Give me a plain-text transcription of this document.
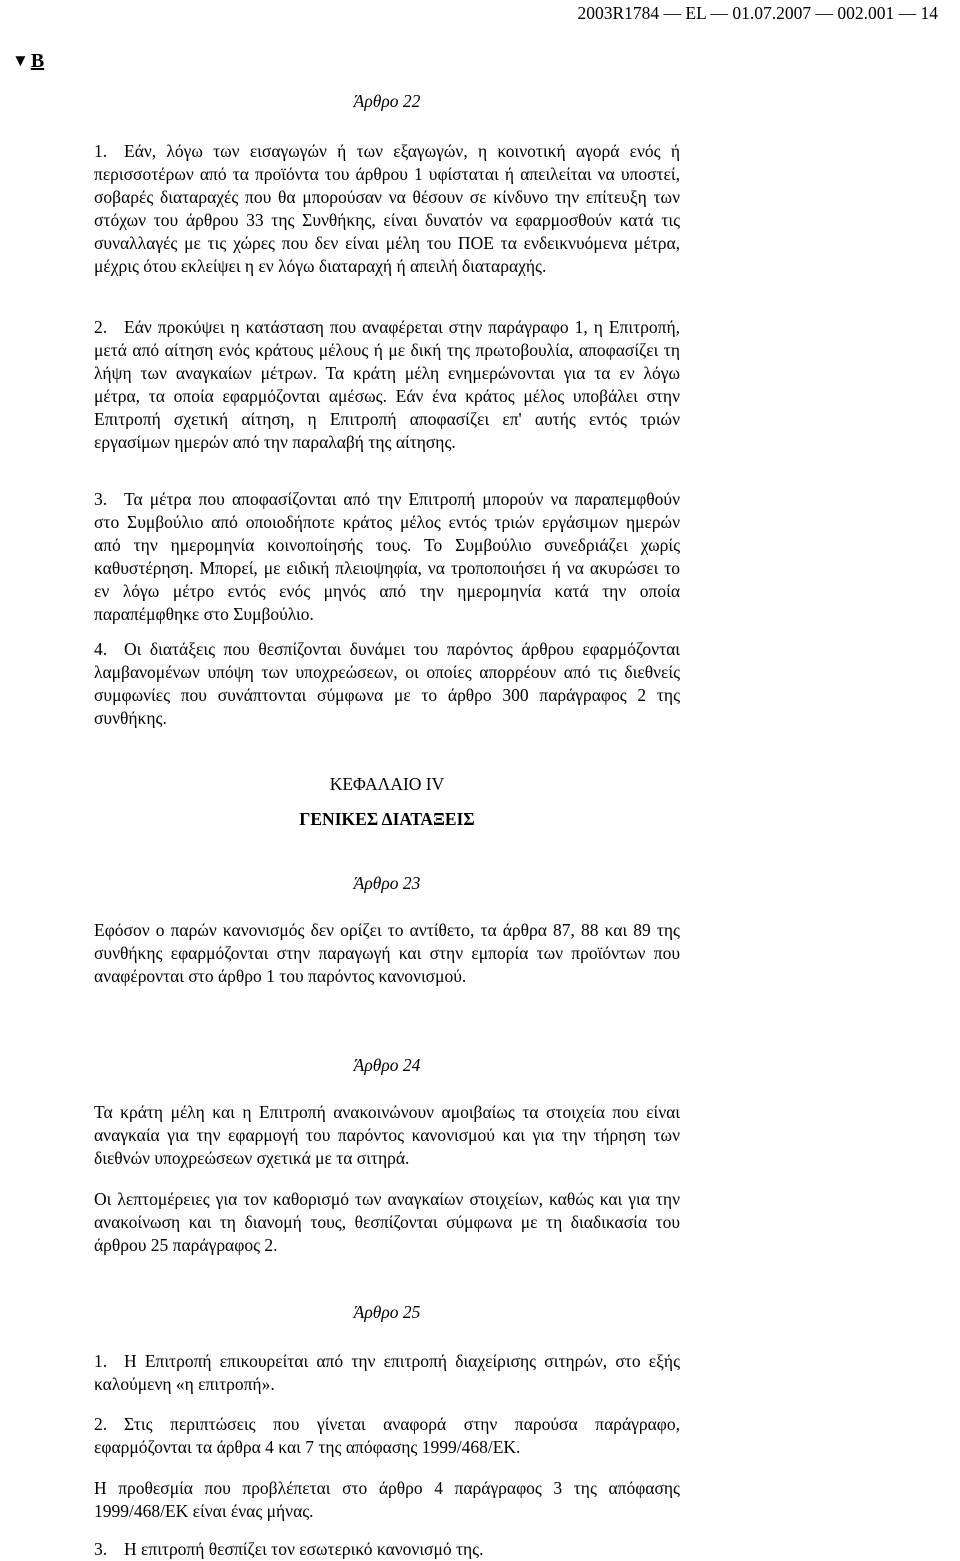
2003R1784 — EL — 01.07.2007 — 002.001 — 14
▼ B
Άρθρο 22
1. Εάν, λόγω των εισαγωγών ή των εξαγωγών, η κοινοτική αγορά ενός ή περισσοτέρων από τα προϊόντα του άρθρου 1 υφίσταται ή απειλείται να υποστεί, σοβαρές διαταραχές που θα μπορούσαν να θέσουν σε κίνδυνο την επίτευξη των στόχων του άρθρου 33 της Συνθήκης, είναι δυνατόν να εφαρμοσθούν κατά τις συναλλαγές με τις χώρες που δεν είναι μέλη του ΠΟΕ τα ενδεικνυόμενα μέτρα, μέχρις ότου εκλείψει η εν λόγω διαταραχή ή απειλή διαταραχής.
2. Εάν προκύψει η κατάσταση που αναφέρεται στην παράγραφο 1, η Επιτροπή, μετά από αίτηση ενός κράτους μέλους ή με δική της πρωτοβουλία, αποφασίζει τη λήψη των αναγκαίων μέτρων. Τα κράτη μέλη ενημερώνονται για τα εν λόγω μέτρα, τα οποία εφαρμόζονται αμέσως. Εάν ένα κράτος μέλος υποβάλει στην Επιτροπή σχετική αίτηση, η Επιτροπή αποφασίζει επ' αυτής εντός τριών εργασίμων ημερών από την παραλαβή της αίτησης.
3. Τα μέτρα που αποφασίζονται από την Επιτροπή μπορούν να παραπεμφθούν στο Συμβούλιο από οποιοδήποτε κράτος μέλος εντός τριών εργάσιμων ημερών από την ημερομηνία κοινοποίησής τους. Το Συμβούλιο συνεδριάζει χωρίς καθυστέρηση. Μπορεί, με ειδική πλειοψηφία, να τροποποιήσει ή να ακυρώσει το εν λόγω μέτρο εντός ενός μηνός από την ημερομηνία κατά την οποία παραπέμφθηκε στο Συμβούλιο.
4. Οι διατάξεις που θεσπίζονται δυνάμει του παρόντος άρθρου εφαρμόζονται λαμβανομένων υπόψη των υποχρεώσεων, οι οποίες απορρέουν από τις διεθνείς συμφωνίες που συνάπτονται σύμφωνα με το άρθρο 300 παράγραφος 2 της συνθήκης.
ΚΕΦΑΛΑΙΟ IV
ΓΕΝΙΚΕΣ ΔΙΑΤΑΞΕΙΣ
Άρθρο 23
Εφόσον ο παρών κανονισμός δεν ορίζει το αντίθετο, τα άρθρα 87, 88 και 89 της συνθήκης εφαρμόζονται στην παραγωγή και στην εμπορία των προϊόντων που αναφέρονται στο άρθρο 1 του παρόντος κανονισμού.
Άρθρο 24
Τα κράτη μέλη και η Επιτροπή ανακοινώνουν αμοιβαίως τα στοιχεία που είναι αναγκαία για την εφαρμογή του παρόντος κανονισμού και για την τήρηση των διεθνών υποχρεώσεων σχετικά με τα σιτηρά.
Οι λεπτομέρειες για τον καθορισμό των αναγκαίων στοιχείων, καθώς και για την ανακοίνωση και τη διανομή τους, θεσπίζονται σύμφωνα με τη διαδικασία του άρθρου 25 παράγραφος 2.
Άρθρο 25
1. Η Επιτροπή επικουρείται από την επιτροπή διαχείρισης σιτηρών, στο εξής καλούμενη «η επιτροπή».
2. Στις περιπτώσεις που γίνεται αναφορά στην παρούσα παράγραφο, εφαρμόζονται τα άρθρα 4 και 7 της απόφασης 1999/468/ΕΚ.
Η προθεσμία που προβλέπεται στο άρθρο 4 παράγραφος 3 της απόφασης 1999/468/ΕΚ είναι ένας μήνας.
3. Η επιτροπή θεσπίζει τον εσωτερικό κανονισμό της.
